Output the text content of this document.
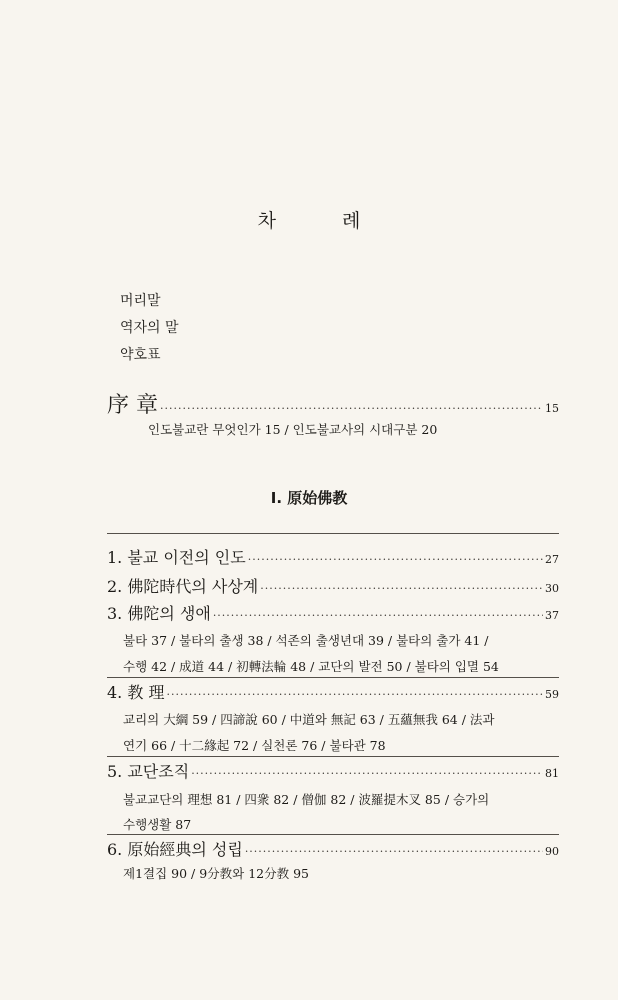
차 례
머리말
역자의 말
약호표
序 章 ·····	15
인도불교란 무엇인가 15 / 인도불교사의 시대구분 20
I. 原始佛教
1. 불교 이전의 인도 ·····	27
2. 佛陀時代의 사상계 ·····	30
3. 佛陀의 생애 ·····	37
불타 37 / 불타의 출생 38 / 석존의 출생년대 39 / 불타의 출가 41 /
수행 42 / 成道 44 / 初轉法輪 48 / 교단의 발전 50 / 불타의 입멸 54
4. 教 理 ·····	59
교리의 大綱 59 / 四諦說 60 / 中道와 無記 63 / 五蘊無我 64 / 法과
연기 66 / 十二緣起 72 / 실천론 76 / 불타관 78
5. 교단조직 ·····	81
불교교단의 理想 81 / 四衆 82 / 僧伽 82 / 波羅提木叉 85 / 승가의
수행생활 87
6. 原始經典의 성립 ·····	90
제1결집 90 / 9分教와 12分教 95
